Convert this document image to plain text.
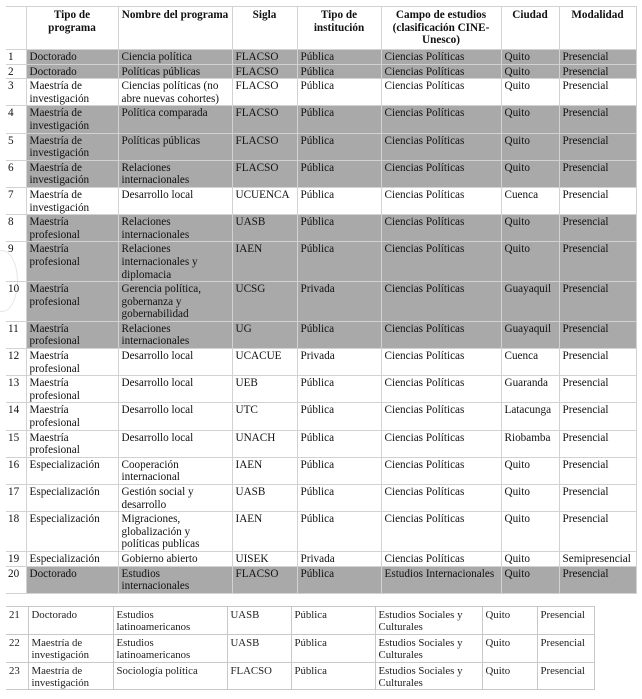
	Tipo de programa	Nombre del programa	Sigla	Tipo de institución	Campo de estudios (clasificación CINE-Unesco)	Ciudad	Modalidad
1	Doctorado	Ciencia política	FLACSO	Pública	Ciencias Políticas	Quito	Presencial
2	Doctorado	Políticas públicas	FLACSO	Pública	Ciencias Políticas	Quito	Presencial
3	Maestría de investigación	Ciencias políticas (no abre nuevas cohortes)	FLACSO	Pública	Ciencias Políticas	Quito	Presencial
4	Maestría de investigación	Política comparada	FLACSO	Pública	Ciencias Políticas	Quito	Presencial
5	Maestría de investigación	Políticas públicas	FLACSO	Pública	Ciencias Políticas	Quito	Presencial
6	Maestría de investigación	Relaciones internacionales	FLACSO	Pública	Ciencias Políticas	Quito	Presencial
7	Maestría de investigación	Desarrollo local	UCUENCA	Pública	Ciencias Políticas	Cuenca	Presencial
8	Maestría profesional	Relaciones internacionales	UASB	Pública	Ciencias Políticas	Quito	Presencial
9	Maestría profesional	Relaciones internacionales y diplomacia	IAEN	Pública	Ciencias Políticas	Quito	Presencial
10	Maestría profesional	Gerencia política, gobernanza y gobernabilidad	UCSG	Privada	Ciencias Políticas	Guayaquil	Presencial
11	Maestría profesional	Relaciones internacionales	UG	Pública	Ciencias Políticas	Guayaquil	Presencial
12	Maestría profesional	Desarrollo local	UCACUE	Privada	Ciencias Políticas	Cuenca	Presencial
13	Maestría profesional	Desarrollo local	UEB	Pública	Ciencias Políticas	Guaranda	Presencial
14	Maestría profesional	Desarrollo local	UTC	Pública	Ciencias Políticas	Latacunga	Presencial
15	Maestría profesional	Desarrollo local	UNACH	Pública	Ciencias Políticas	Riobamba	Presencial
16	Especialización	Cooperación internacional	IAEN	Pública	Ciencias Políticas	Quito	Presencial
17	Especialización	Gestión social y desarrollo	UASB	Pública	Ciencias Políticas	Quito	Presencial
18	Especialización	Migraciones, globalización y políticas publicas	IAEN	Pública	Ciencias Políticas	Quito	Presencial
19	Especialización	Gobierno abierto	UISEK	Privada	Ciencias Políticas	Quito	Semipresencial
20	Doctorado	Estudios internacionales	FLACSO	Pública	Estudios Internacionales	Quito	Presencial
21	Doctorado	Estudios latinoamericanos	UASB	Pública	Estudios Sociales y Culturales	Quito	Presencial
22	Maestría de investigación	Estudios latinoamericanos	UASB	Pública	Estudios Sociales y Culturales	Quito	Presencial
23	Maestría de investigación	Sociología política	FLACSO	Pública	Estudios Sociales y Culturales	Quito	Presencial
